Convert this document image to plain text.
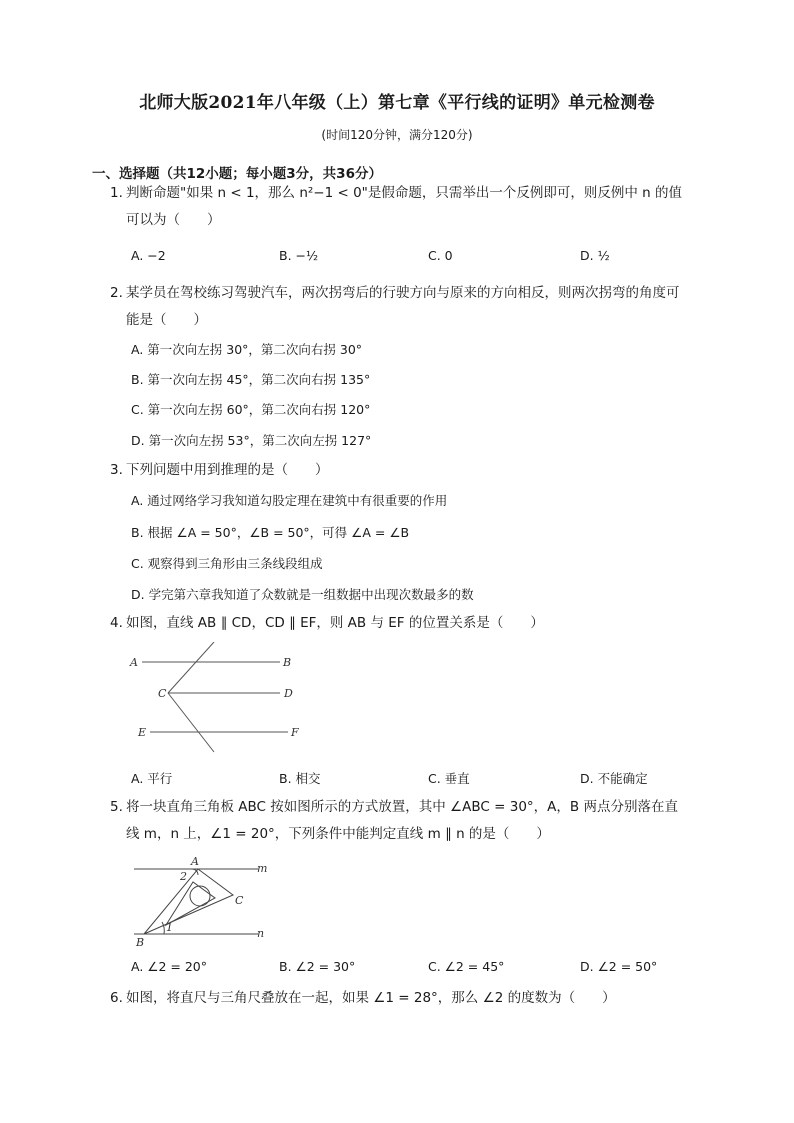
北师大版2021年八年级（上）第七章《平行线的证明》单元检测卷
(时间120分钟，满分120分)
一、选择题（共12小题；每小题3分，共36分）
1. 判断命题"如果 n < 1，那么 n²−1 < 0"是假命题，只需举出一个反例即可，则反例中 n 的值
可以为（　　）
A. −2	B. −½	C. 0	D. ½
2. 某学员在驾校练习驾驶汽车，两次拐弯后的行驶方向与原来的方向相反，则两次拐弯的角度可
能是（　　）
A. 第一次向左拐 30°，第二次向右拐 30°
B. 第一次向左拐 45°，第二次向右拐 135°
C. 第一次向左拐 60°，第二次向右拐 120°
D. 第一次向左拐 53°，第二次向左拐 127°
3. 下列问题中用到推理的是（　　）
A. 通过网络学习我知道勾股定理在建筑中有很重要的作用
B. 根据 ∠A = 50°，∠B = 50°，可得 ∠A = ∠B
C. 观察得到三角形由三条线段组成
D. 学完第六章我知道了众数就是一组数据中出现次数最多的数
4. 如图，直线 AB ∥ CD，CD ∥ EF，则 AB 与 EF 的位置关系是（　　）
A	B
C	D
E	F
A. 平行	B. 相交	C. 垂直	D. 不能确定
5. 将一块直角三角板 ABC 按如图所示的方式放置，其中 ∠ABC = 30°，A，B 两点分别落在直
线 m，n 上，∠1 = 20°，下列条件中能判定直线 m ∥ n 的是（　　）
A
2
m
C
B
1	n
A. ∠2 = 20°	B. ∠2 = 30°	C. ∠2 = 45°	D. ∠2 = 50°
6. 如图，将直尺与三角尺叠放在一起，如果 ∠1 = 28°，那么 ∠2 的度数为（　　）
